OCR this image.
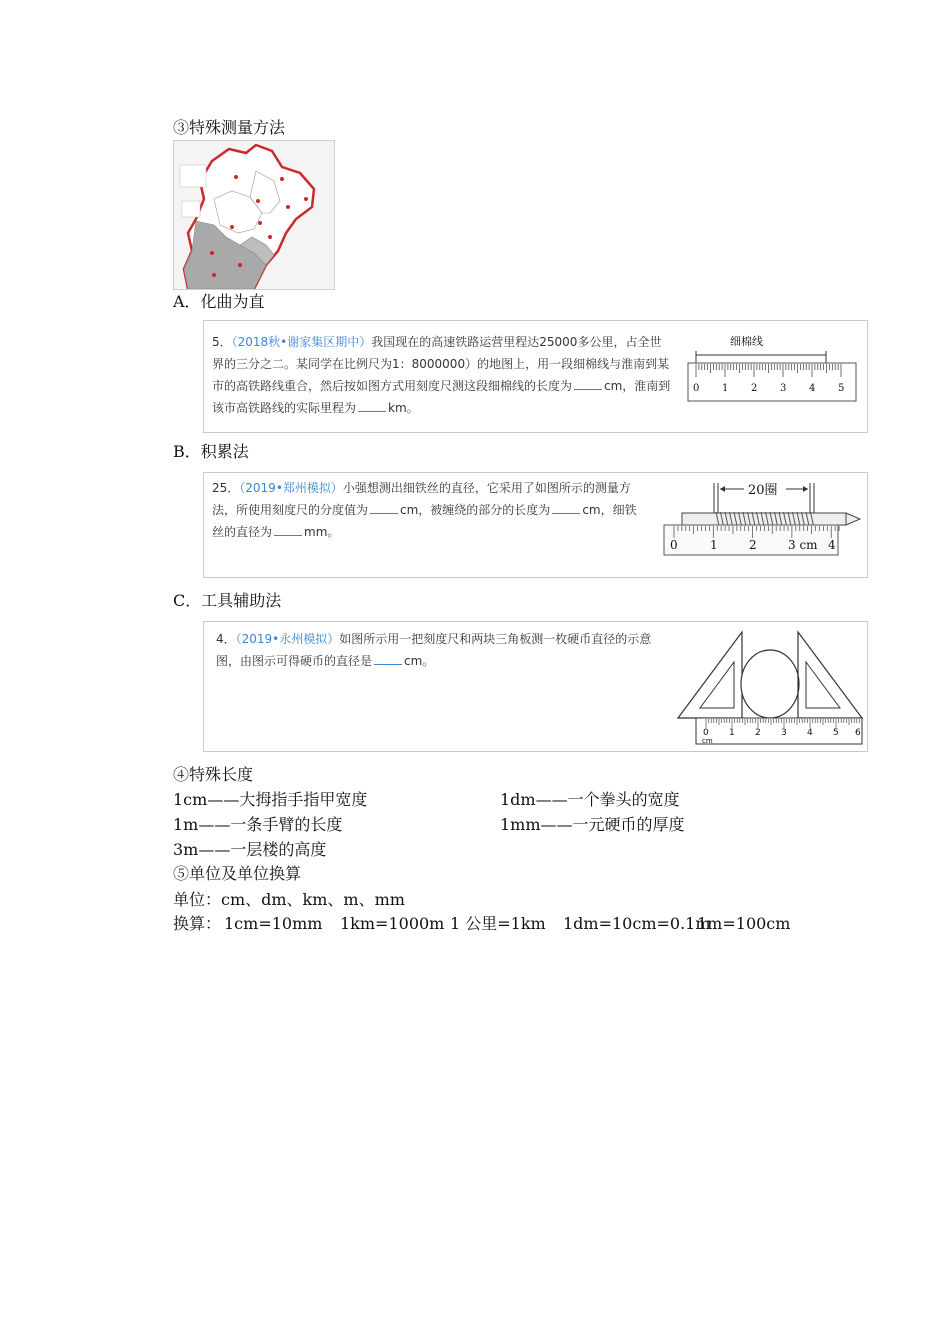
③特殊测量方法
A．化曲为直
5．（2018秋•谢家集区期中）我国现在的高速铁路运营里程达25000多公里，占全世
界的三分之二。某同学在比例尺为1：8000000）的地图上，用一段细棉线与淮南到某
市的高铁路线重合，然后按如图方式用刻度尺测这段细棉线的长度为	cm，淮南到
该市高铁路线的实际里程为	km。
细棉线
0 1 2 3 4 5
B．积累法
25．（2019•郑州模拟）小强想测出细铁丝的直径，它采用了如图所示的测量方
法，所使用刻度尺的分度值为	cm，被缠绕的部分的长度为	cm，细铁
丝的直径为	mm。
20圈
0	1	2	3 cm 4
C．工具辅助法
4．（2019•永州模拟）如图所示用一把刻度尺和两块三角板测一枚硬币直径的示意
图，由图示可得硬币的直径是	cm。
0 1 2 3 4 5 6
cm
④特殊长度
1cm——大拇指手指甲宽度	1dm——一个拳头的宽度
1m——一条手臂的长度	1mm——一元硬币的厚度
3m——一层楼的高度
⑤单位及单位换算
单位：cm、dm、km、m、mm
换算： 1cm=10mm 1km=1000m 1 公里=1km 1dm=10cm=0.1m
1m=100cm
